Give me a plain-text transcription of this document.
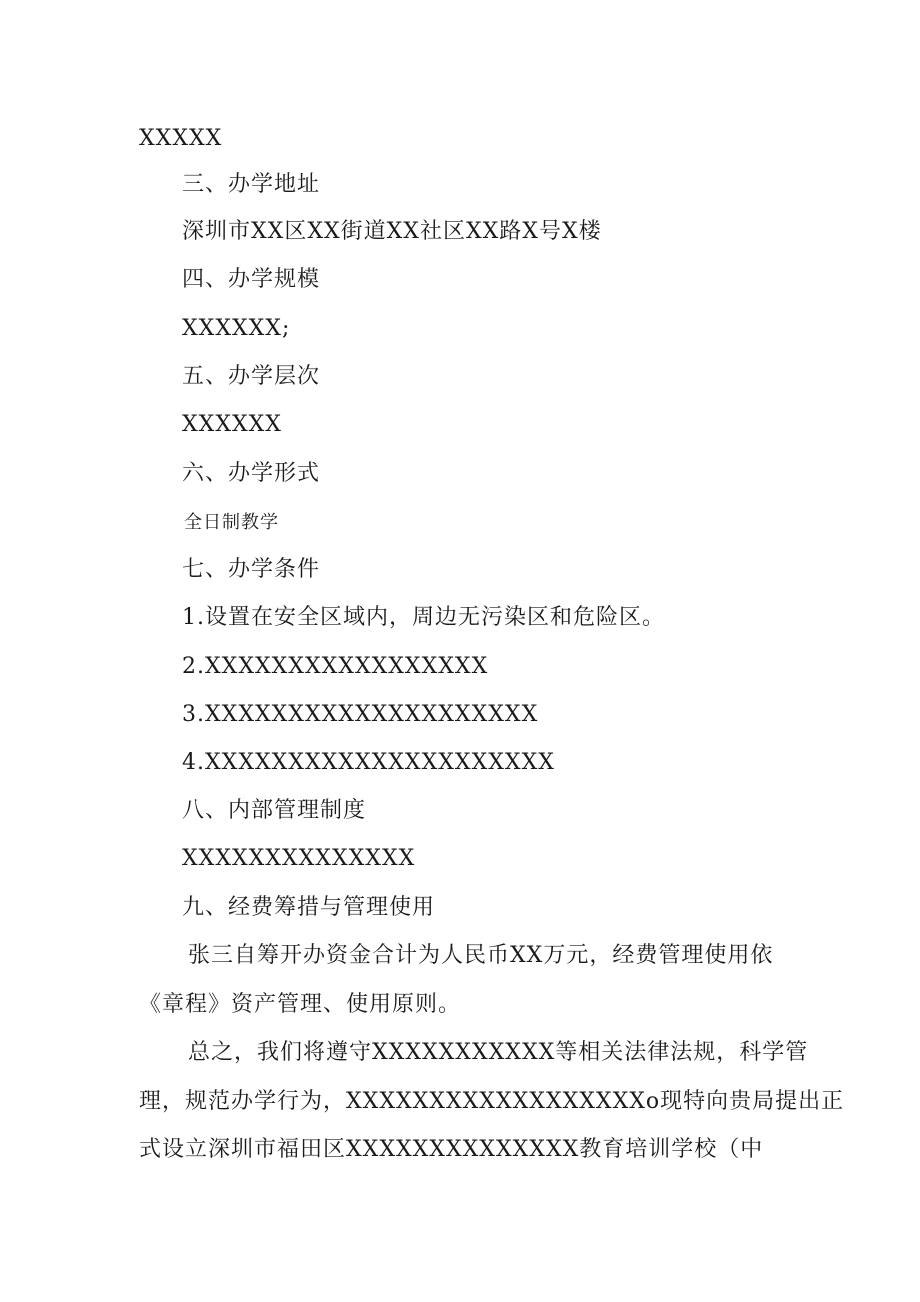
XXXXX
三、办学地址
深圳市XX区XX街道XX社区XX路X号X楼
四、办学规模
XXXXXX;
五、办学层次
XXXXXX
六、办学形式
全日制教学
七、办学条件
1.设置在安全区域内，周边无污染区和危险区。
2.XXXXXXXXXXXXXXXXX
3.XXXXXXXXXXXXXXXXXXXX
4.XXXXXXXXXXXXXXXXXXXXX
八、内部管理制度
XXXXXXXXXXXXXX
九、经费筹措与管理使用
张三自筹开办资金合计为人民币XX万元，经费管理使用依
《章程》资产管理、使用原则。
总之，我们将遵守XXXXXXXXXXX等相关法律法规，科学管
理，规范办学行为，XXXXXXXXXXXXXXXXXXo现特向贵局提出正
式设立深圳市福田区XXXXXXXXXXXXXX教育培训学校（中
